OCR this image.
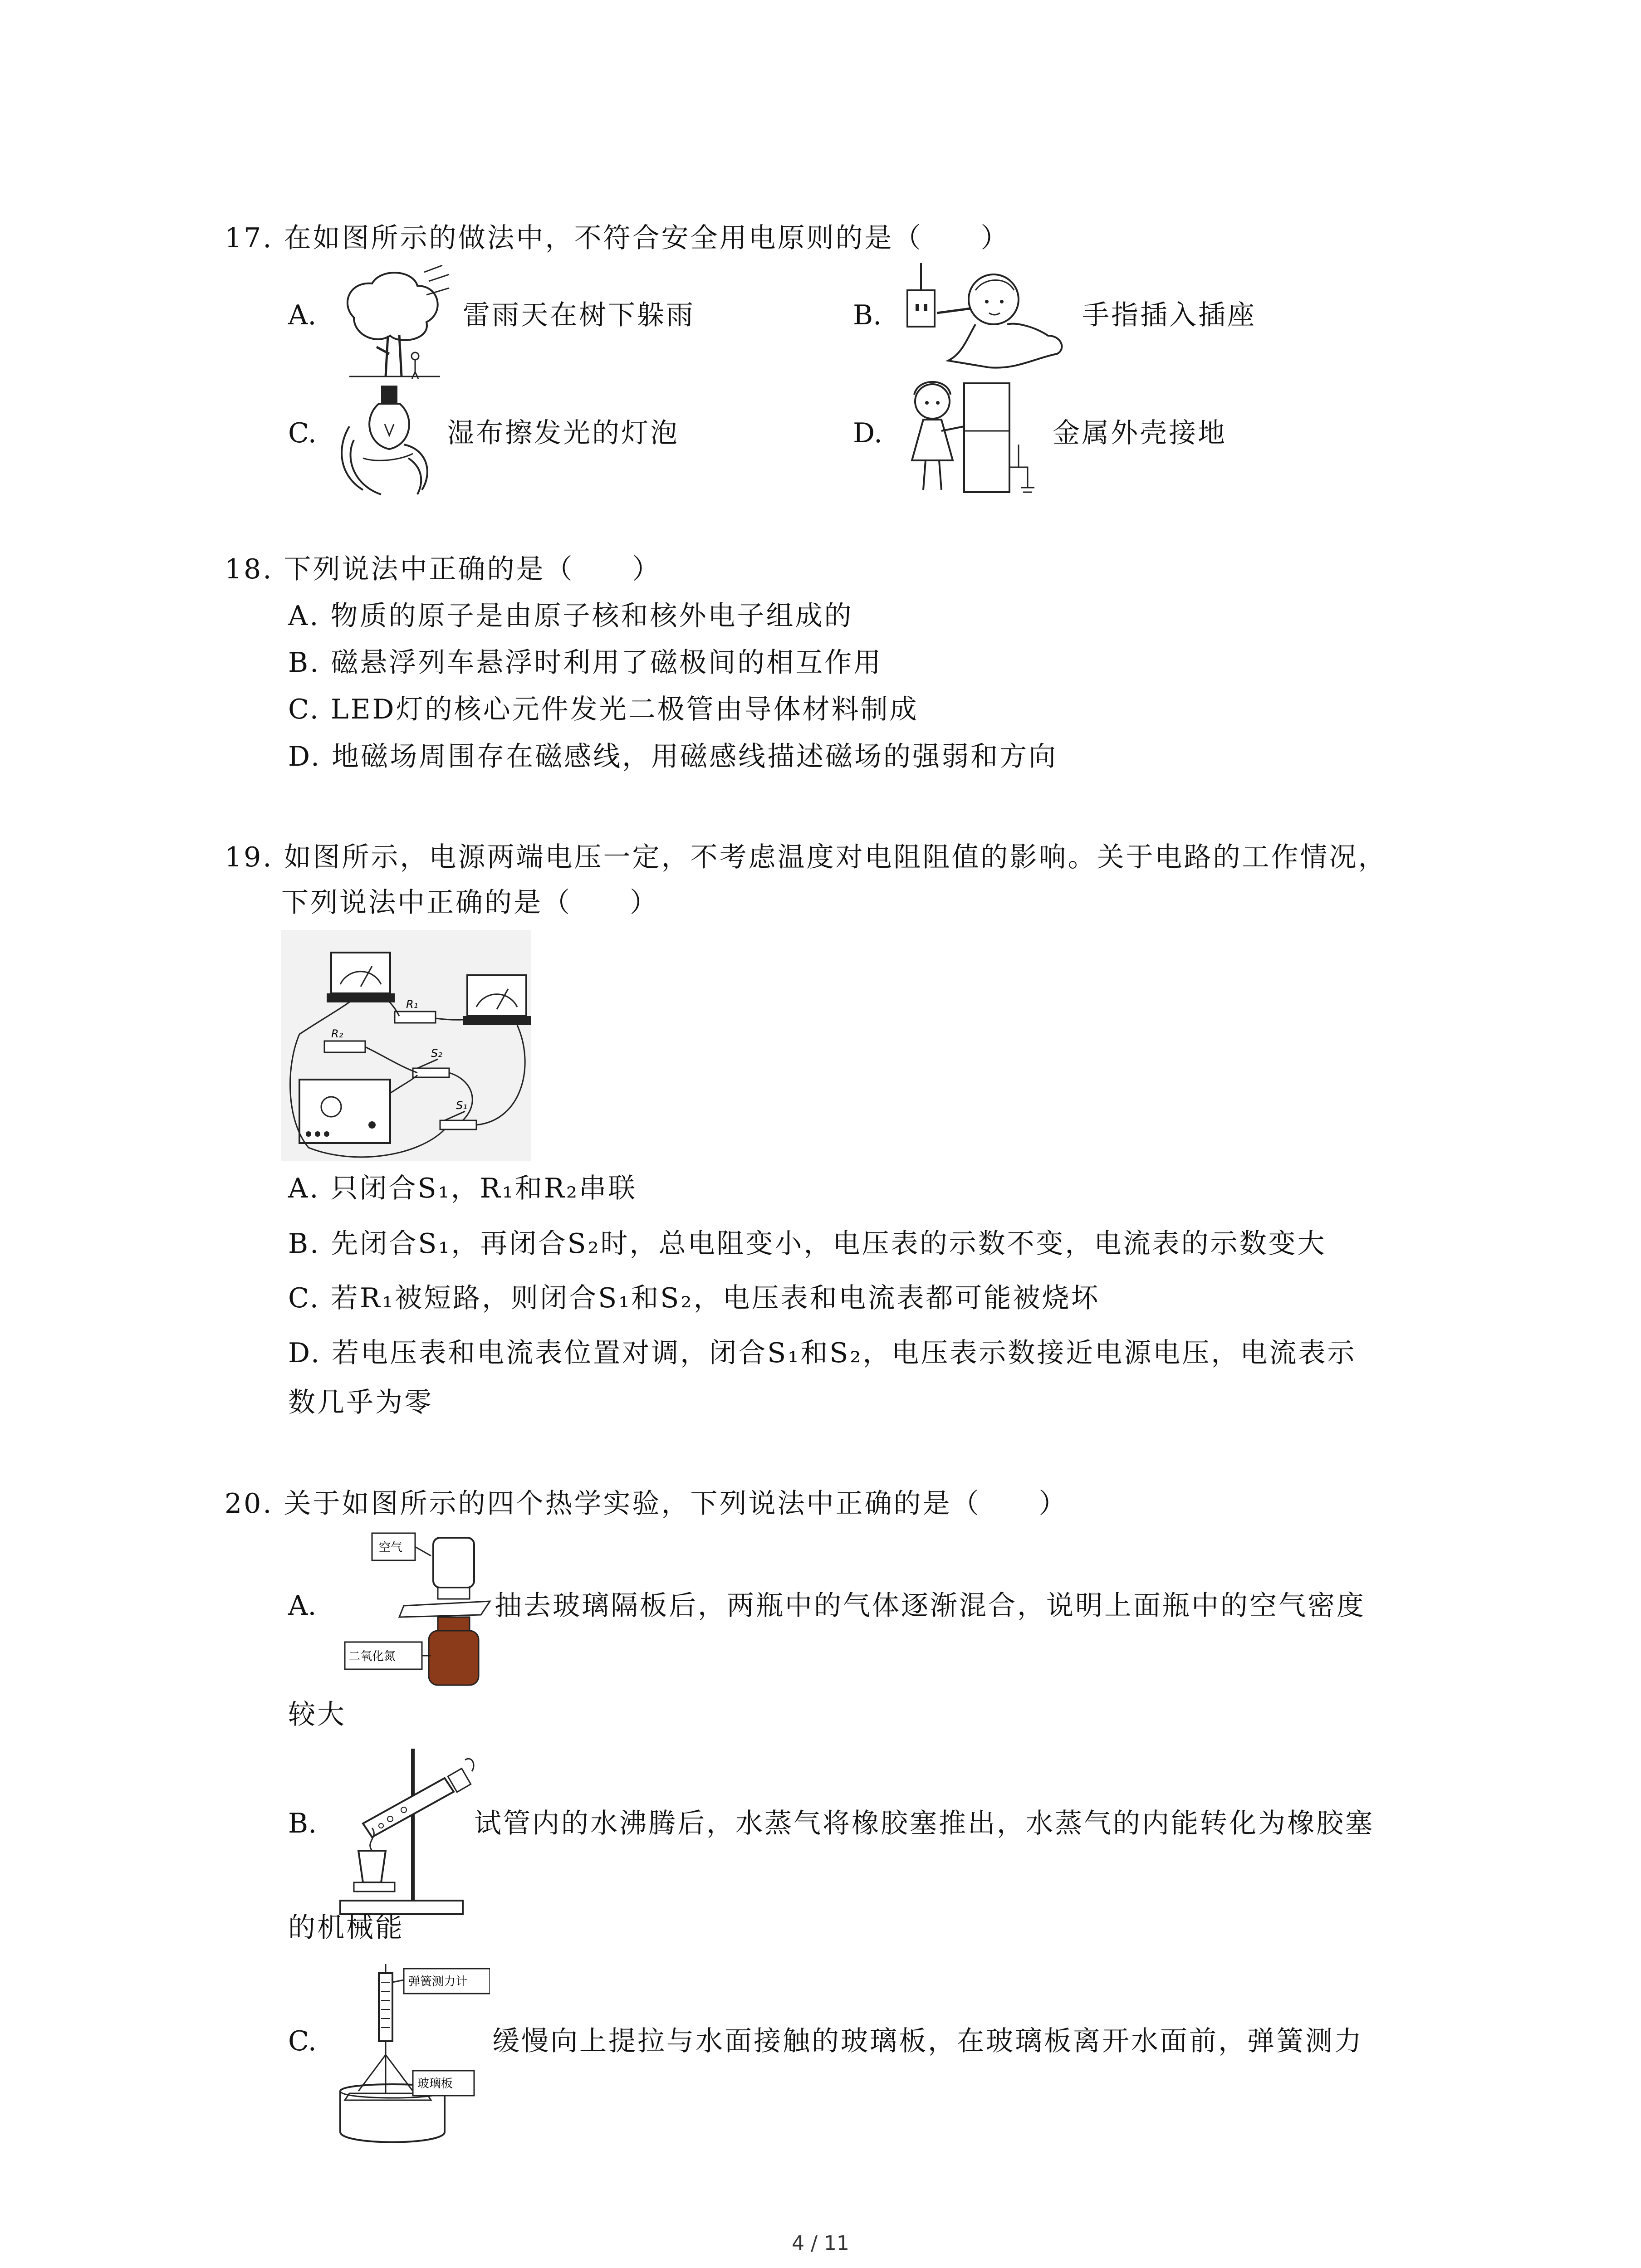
17. 在如图所示的做法中，不符合安全用电原则的是（　　）
A.	雷雨天在树下躲雨	B.	手指插入插座
C.	湿布擦发光的灯泡	D.	金属外壳接地
18. 下列说法中正确的是（　　）
A. 物质的原子是由原子核和核外电子组成的
B. 磁悬浮列车悬浮时利用了磁极间的相互作用
C. LED灯的核心元件发光二极管由导体材料制成
D. 地磁场周围存在磁感线，用磁感线描述磁场的强弱和方向
19. 如图所示，电源两端电压一定，不考虑温度对电阻阻值的影响。关于电路的工作情况，
下列说法中正确的是（　　）
R₁
R₂
S₂
S₁
A. 只闭合S₁，R₁和R₂串联
B. 先闭合S₁，再闭合S₂时，总电阻变小，电压表的示数不变，电流表的示数变大
C. 若R₁被短路，则闭合S₁和S₂，电压表和电流表都可能被烧坏
D. 若电压表和电流表位置对调，闭合S₁和S₂，电压表示数接近电源电压，电流表示
数几乎为零
20. 关于如图所示的四个热学实验，下列说法中正确的是（　　）
A.
空气
二氧化氮
抽去玻璃隔板后，两瓶中的气体逐渐混合，说明上面瓶中的空气密度
较大
B.	试管内的水沸腾后，水蒸气将橡胶塞推出，水蒸气的内能转化为橡胶塞
的机械能
C.
弹簧测力计
玻璃板
缓慢向上提拉与水面接触的玻璃板，在玻璃板离开水面前，弹簧测力
4 / 11
